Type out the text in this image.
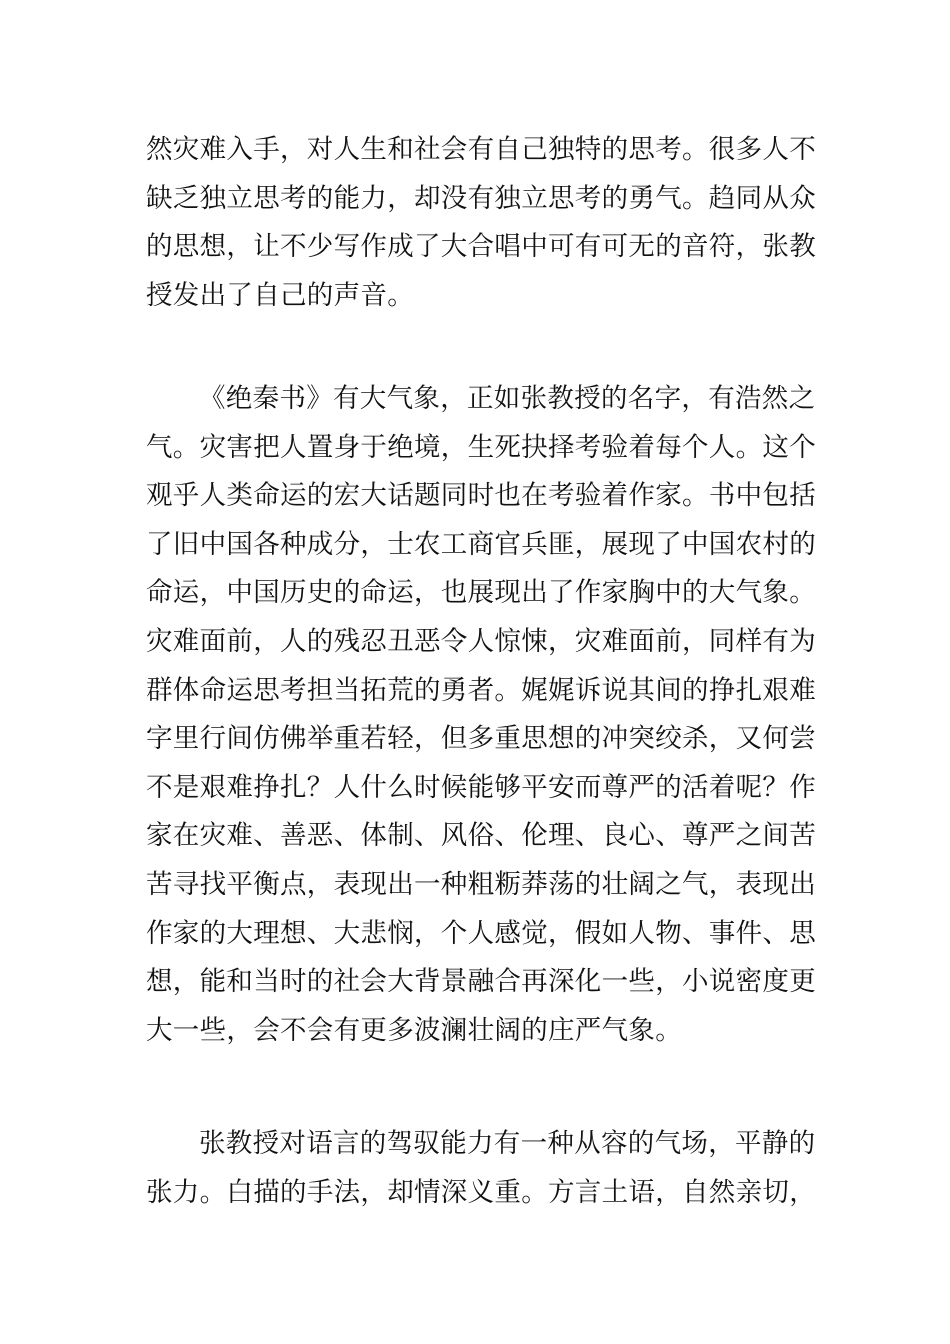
然灾难入手，对人生和社会有自己独特的思考。很多人不
缺乏独立思考的能力，却没有独立思考的勇气。趋同从众
的思想，让不少写作成了大合唱中可有可无的音符，张教
授发出了自己的声音。
《绝秦书》有大气象，正如张教授的名字，有浩然之
气。灾害把人置身于绝境，生死抉择考验着每个人。这个
观乎人类命运的宏大话题同时也在考验着作家。书中包括
了旧中国各种成分，士农工商官兵匪，展现了中国农村的
命运，中国历史的命运，也展现出了作家胸中的大气象。
灾难面前，人的残忍丑恶令人惊悚，灾难面前，同样有为
群体命运思考担当拓荒的勇者。娓娓诉说其间的挣扎艰难
字里行间仿佛举重若轻，但多重思想的冲突绞杀，又何尝
不是艰难挣扎？人什么时候能够平安而尊严的活着呢？作
家在灾难、善恶、体制、风俗、伦理、良心、尊严之间苦
苦寻找平衡点，表现出一种粗粝莽荡的壮阔之气，表现出
作家的大理想、大悲悯，个人感觉，假如人物、事件、思
想，能和当时的社会大背景融合再深化一些，小说密度更
大一些，会不会有更多波澜壮阔的庄严气象。
张教授对语言的驾驭能力有一种从容的气场，平静的
张力。白描的手法，却情深义重。方言土语，自然亲切，
